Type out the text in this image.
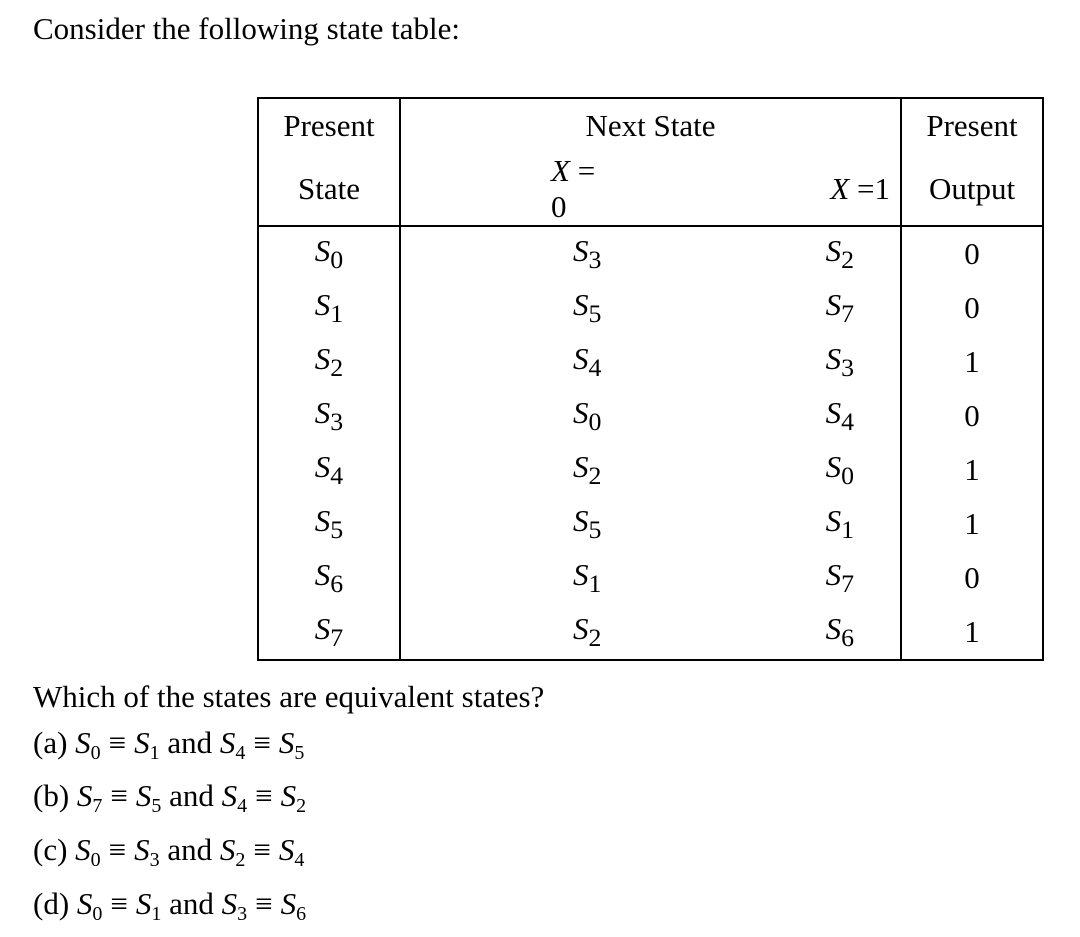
Consider the following state table:

Present	Next State		Present
State	X = 0	X =1	Output
$S_0$	$S_3$	$S_2$	0
$S_1$	$S_5$	$S_7$	0
$S_2$	$S_4$	$S_3$	1
$S_3$	$S_0$	$S_4$	0
$S_4$	$S_2$	$S_0$	1
$S_5$	$S_5$	$S_1$	1
$S_6$	$S_1$	$S_7$	0
$S_7$	$S_2$	$S_6$	1
Which of the states are equivalent states?
(a) $S_0 \equiv S_1$ and $S_4 \equiv S_5$
(b) $S_7 \equiv S_5$ and $S_4 \equiv S_2$
(c) $S_0 \equiv S_3$ and $S_2 \equiv S_4$
(d) $S_0 \equiv S_1$ and $S_3 \equiv S_6$
